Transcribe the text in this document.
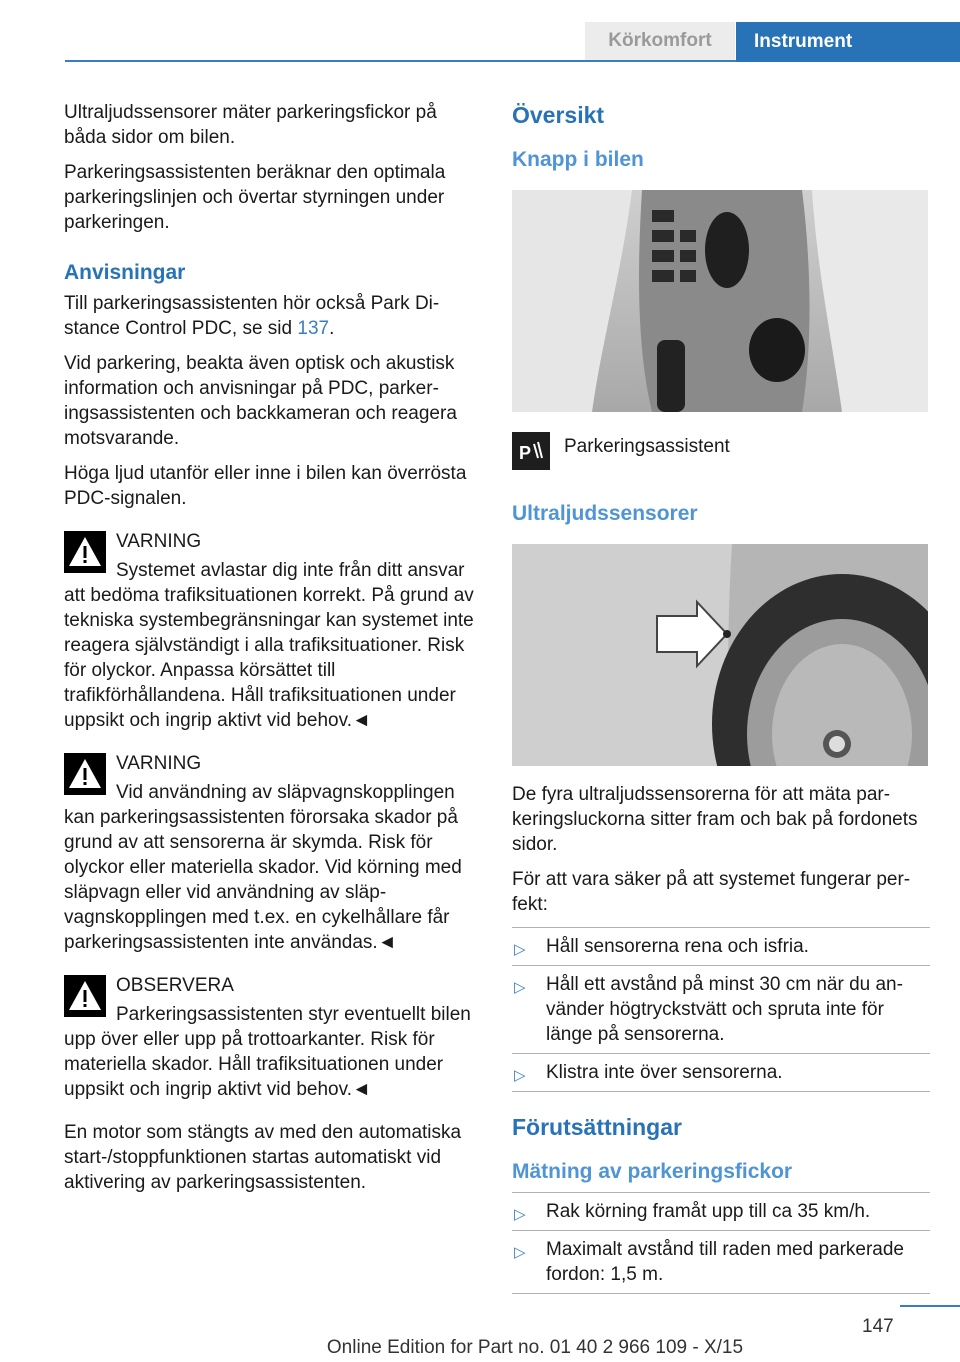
Körkomfort	Instrument

Ultraljudssensorer mäter parkeringsfickor på båda sidor om bilen.

Parkeringsassistenten beräknar den optimala parkeringslinjen och övertar styrningen under parkeringen.

Anvisningar

Till parkeringsassistenten hör också Park Distance Control PDC, se sid 137.

Vid parkering, beakta även optisk och akustisk information och anvisningar på PDC, parkeringsassistenten och backkameran och reagera motsvarande.

Höga ljud utanför eller inne i bilen kan överrösta PDC-signalen.

VARNING
Systemet avlastar dig inte från ditt ansvar att bedöma trafiksituationen korrekt. På grund av tekniska systembegränsningar kan systemet inte reagera självständigt i alla trafiksituationer. Risk för olyckor. Anpassa körsättet till trafikförhållandena. Håll trafiksituationen under uppsikt och ingrip aktivt vid behov.◄
VARNING
Vid användning av släpvagnskopplingen kan parkeringsassistenten förorsaka skador på grund av att sensorerna är skymda. Risk för olyckor eller materiella skador. Vid körning med släpvagn eller vid användning av släpvagnskopplingen med t.ex. en cykelhållare får parkeringsassistenten inte användas.◄
OBSERVERA
Parkeringsassistenten styr eventuellt bilen upp över eller upp på trottoarkanter. Risk för materiella skador. Håll trafiksituationen under uppsikt och ingrip aktivt vid behov.◄

En motor som stängts av med den automatiska start-/stoppfunktionen startas automatiskt vid aktivering av parkeringsassistenten.

Översikt
Knapp i bilen
P Parkeringsassistent
Ultraljudssensorer

De fyra ultraljudssensorerna för att mäta parkeringsluckorna sitter fram och bak på fordonets sidor.

För att vara säker på att systemet fungerar perfekt:

▷ Håll sensorerna rena och isfria.
▷ Håll ett avstånd på minst 30 cm när du använder högtryckstvätt och spruta inte för länge på sensorerna.
▷ Klistra inte över sensorerna.
Förutsättningar
Mätning av parkeringsfickor
▷ Rak körning framåt upp till ca 35 km/h.
▷ Maximalt avstånd till raden med parkerade fordon: 1,5 m.
147
Online Edition for Part no. 01 40 2 966 109 - X/15
